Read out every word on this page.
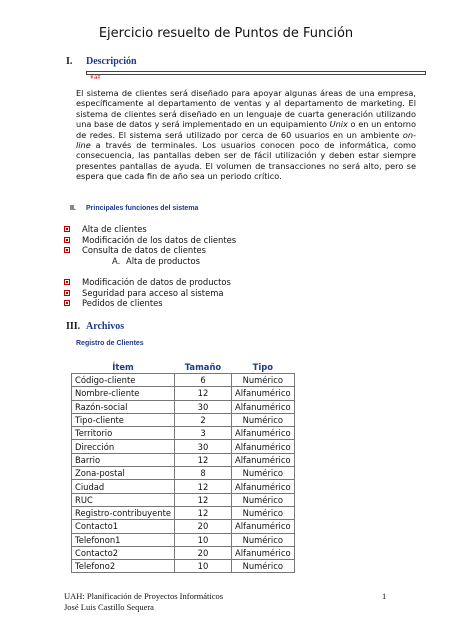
Ejercicio resuelto de Puntos de Función
I. Descripción
¥a‡
El sistema de clientes será diseñado para apoyar algunas áreas de una empresa, específicamente al departamento de ventas y al departamento de marketing. El sistema de clientes será diseñado en un lenguaje de cuarta generación utilizando una base de datos y será implementado en un equipamiento Unix o en un entorno de redes. El sistema será utilizado por cerca de 60 usuarios en un ambiente on-line a través de terminales. Los usuarios conocen poco de informática, como consecuencia, las pantallas deben ser de fácil utilización y deben estar siempre presentes pantallas de ayuda. El volumen de transacciones no será alto, pero se espera que cada fin de año sea un periodo crítico.
II. Principales funciones del sistema
Alta de clientes
Modificación de los datos de clientes
Consulta de datos de clientes
A. Alta de productos
Modificación de datos de productos
Seguridad para acceso al sistema
Pedidos de clientes
III. Archivos
Registro de Clientes
Ítem	Tamaño	Tipo
Código-cliente	6	Numérico
Nombre-cliente	12	Alfanumérico
Razón-social	30	Alfanumérico
Tipo-cliente	2	Numérico
Territorio	3	Alfanumérico
Dirección	30	Alfanumérico
Barrio	12	Alfanumérico
Zona-postal	8	Numérico
Ciudad	12	Alfanumérico
RUC	12	Numérico
Registro-contribuyente	12	Numérico
Contacto1	20	Alfanumérico
Telefonon1	10	Numérico
Contacto2	20	Alfanumérico
Telefono2	10	Numérico
UAH: Planificación de Proyectos Informáticos
José Luis Castillo Sequera
1
